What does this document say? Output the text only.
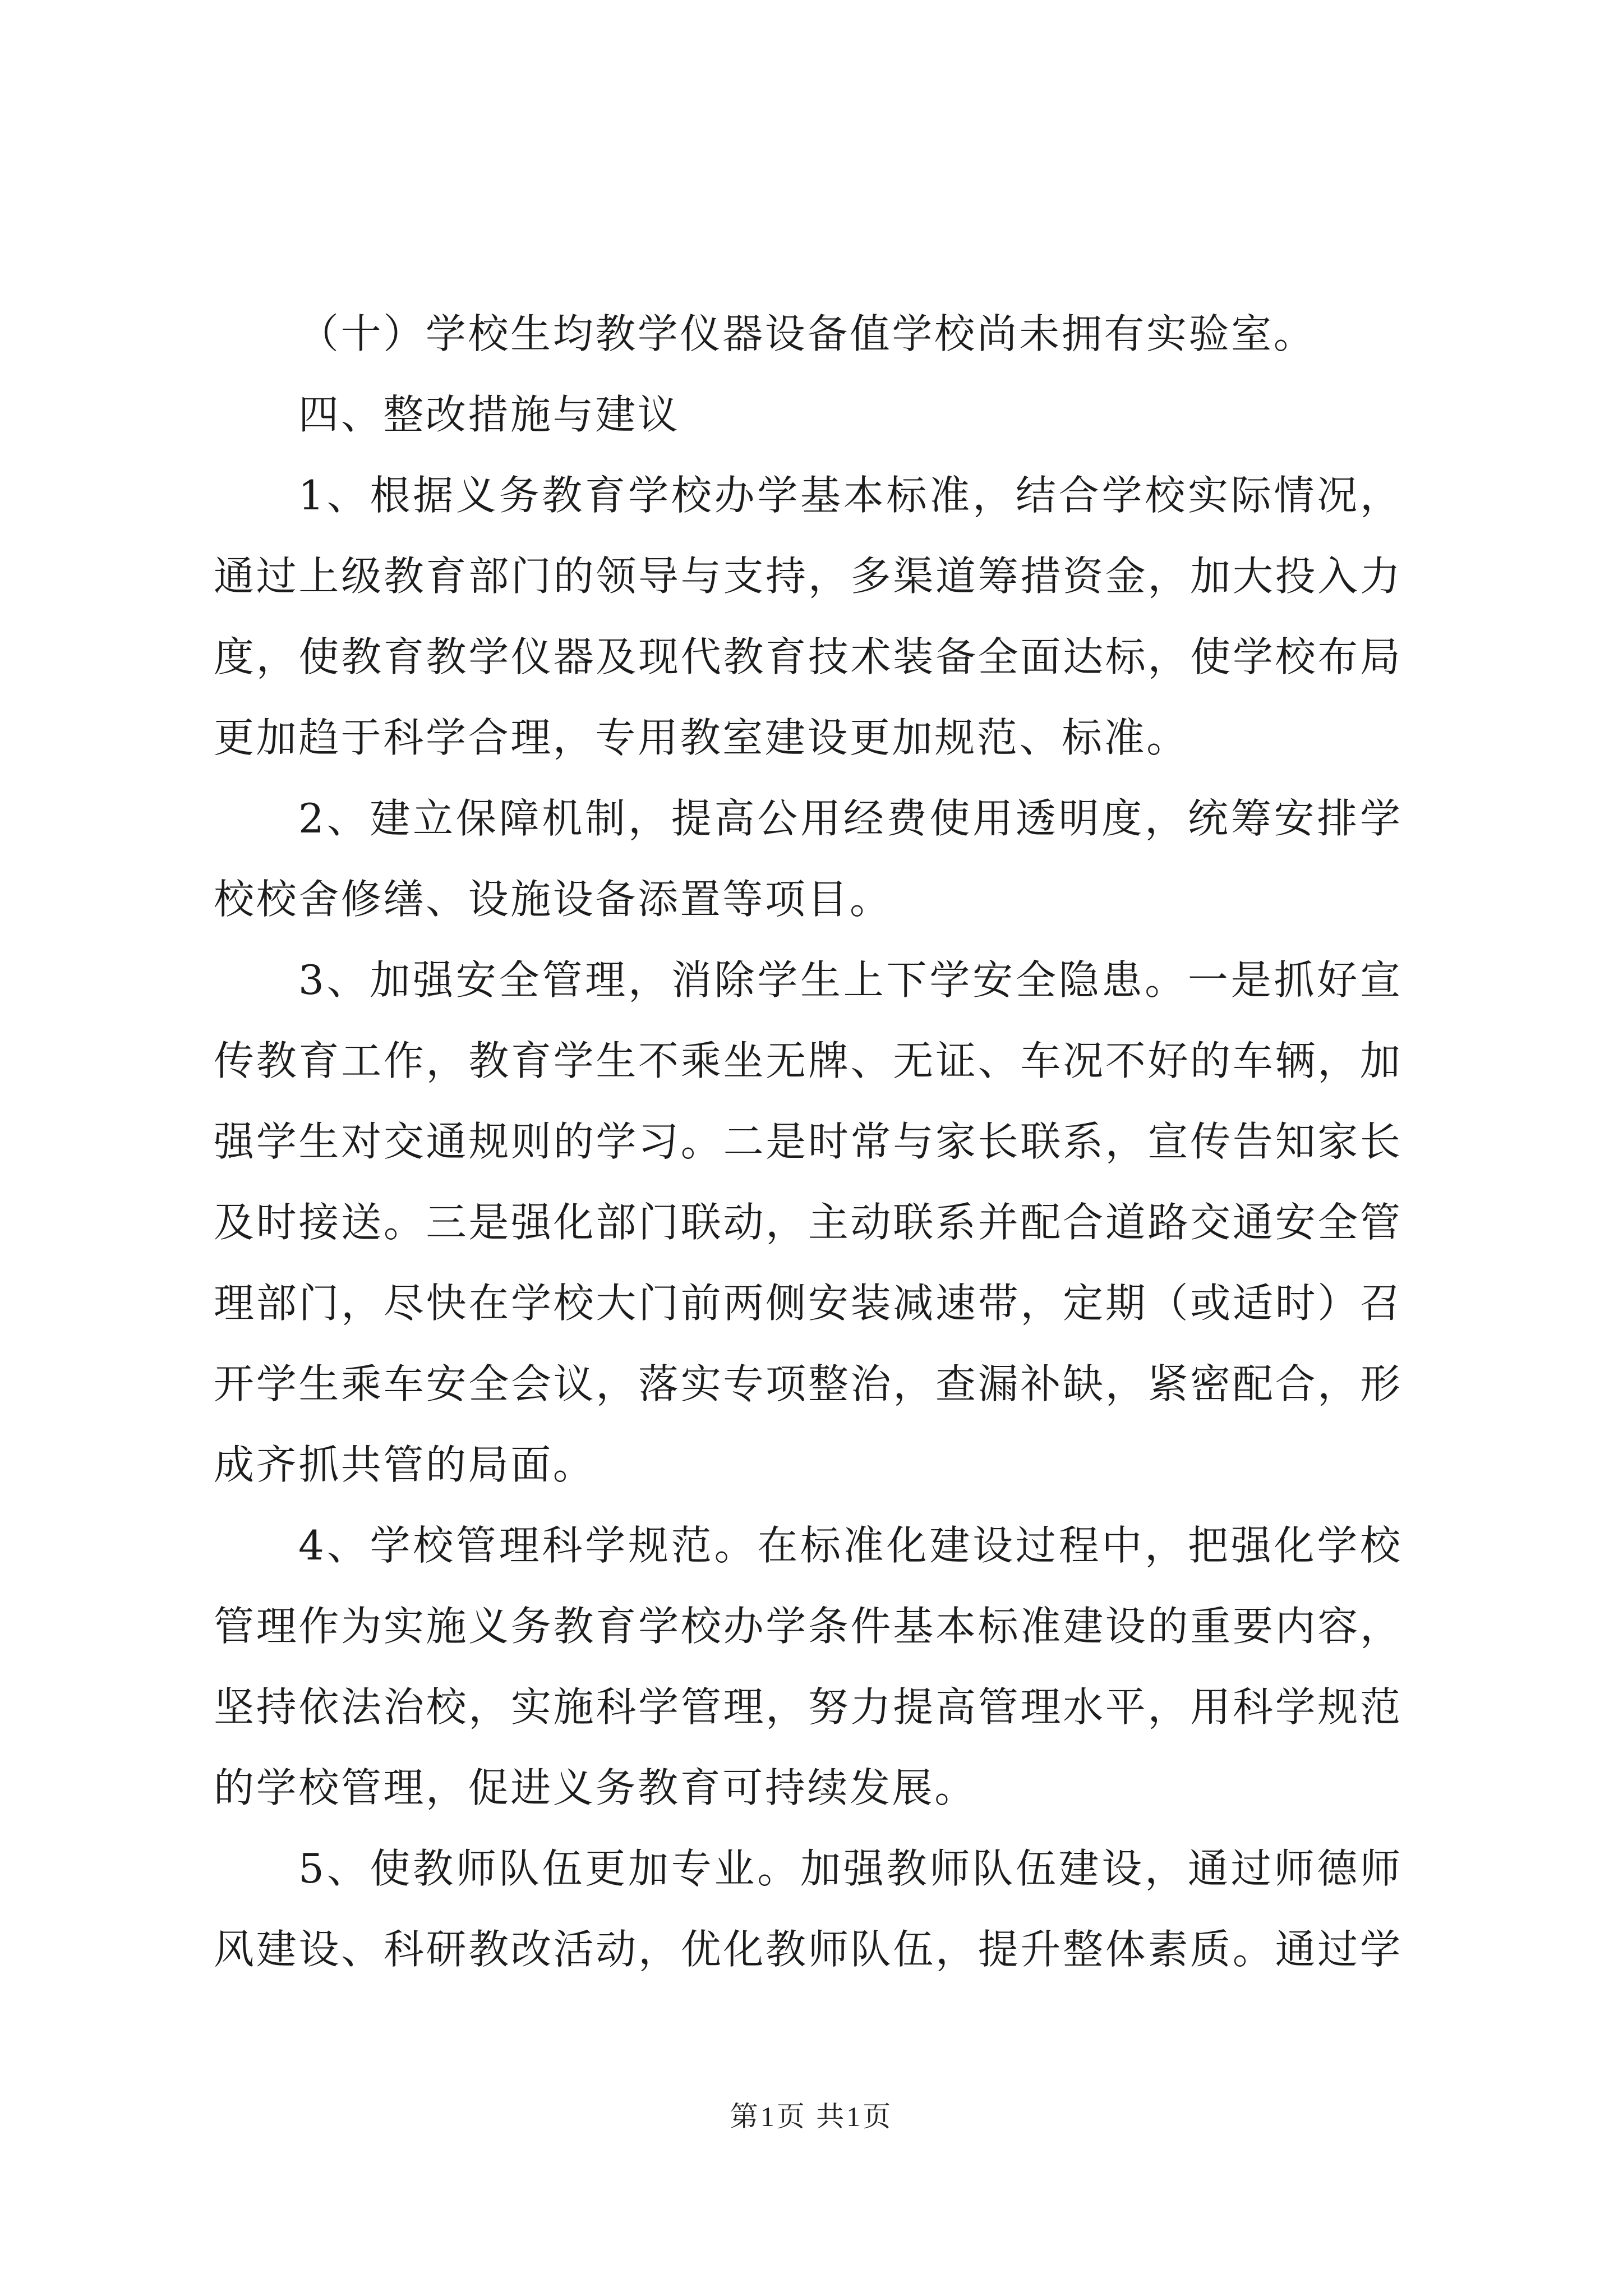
（十）学校生均教学仪器设备值学校尚未拥有实验室。
四、整改措施与建议
1、根据义务教育学校办学基本标准，结合学校实际情况，
通过上级教育部门的领导与支持，多渠道筹措资金，加大投入力
度，使教育教学仪器及现代教育技术装备全面达标，使学校布局
更加趋于科学合理，专用教室建设更加规范、标准。
2、建立保障机制，提高公用经费使用透明度，统筹安排学
校校舍修缮、设施设备添置等项目。
3、加强安全管理，消除学生上下学安全隐患。一是抓好宣
传教育工作，教育学生不乘坐无牌、无证、车况不好的车辆，加
强学生对交通规则的学习。二是时常与家长联系，宣传告知家长
及时接送。三是强化部门联动，主动联系并配合道路交通安全管
理部门，尽快在学校大门前两侧安装减速带，定期（或适时）召
开学生乘车安全会议，落实专项整治，查漏补缺，紧密配合，形
成齐抓共管的局面。
4、学校管理科学规范。在标准化建设过程中，把强化学校
管理作为实施义务教育学校办学条件基本标准建设的重要内容，
坚持依法治校，实施科学管理，努力提高管理水平，用科学规范
的学校管理，促进义务教育可持续发展。
5、使教师队伍更加专业。加强教师队伍建设，通过师德师
风建设、科研教改活动，优化教师队伍，提升整体素质。通过学
第1页 共1页
